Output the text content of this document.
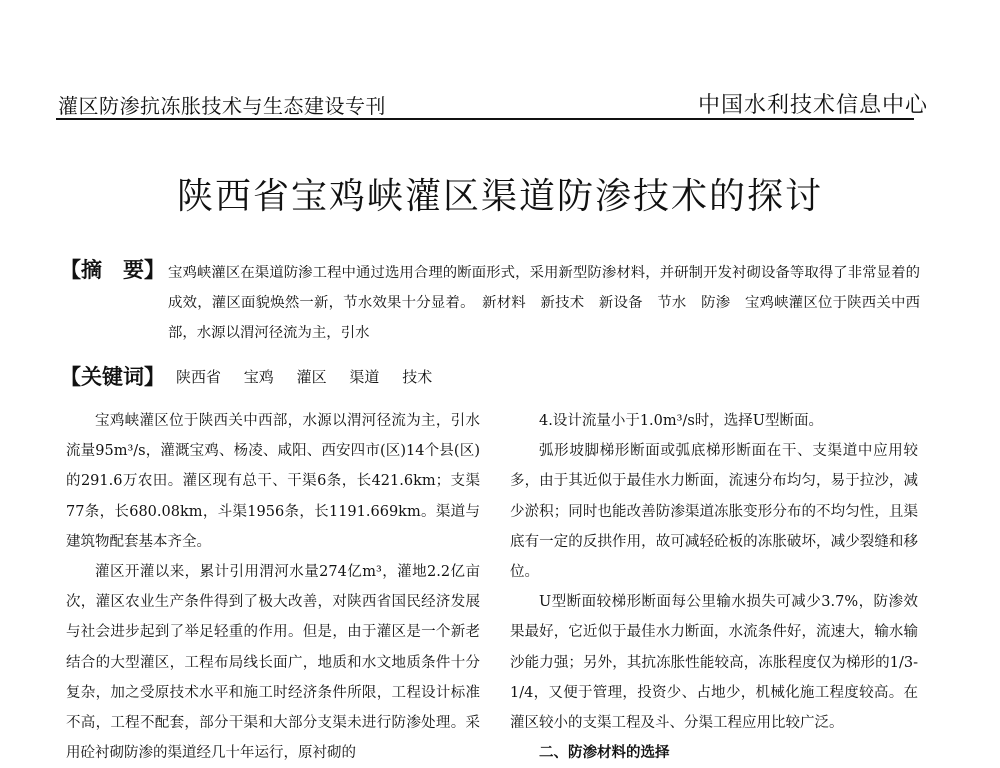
灌区防渗抗冻胀技术与生态建设专刊	中国水利技术信息中心
陕西省宝鸡峡灌区渠道防渗技术的探讨
【摘　要】 宝鸡峡灌区在渠道防渗工程中通过选用合理的断面形式，采用新型防渗材料，并研制开发衬砌设备等取得了非常显着的成效，灌区面貌焕然一新，节水效果十分显着。　新材料　新技术　新设备　节水　防渗　宝鸡峡灌区位于陕西关中西部，水源以渭河径流为主，引水
【关键词】 陕西省 宝鸡 灌区 渠道 技术

宝鸡峡灌区位于陕西关中西部，水源以渭河径流为主，引水流量95m³/s，灌溉宝鸡、杨凌、咸阳、西安四市(区)14个县(区)的291.6万农田。灌区现有总干、干渠6条，长421.6km；支渠77条，长680.08km，斗渠1956条，长1191.669km。渠道与建筑物配套基本齐全。

灌区开灌以来，累计引用渭河水量274亿m³，灌地2.2亿亩次，灌区农业生产条件得到了极大改善，对陕西省国民经济发展与社会进步起到了举足轻重的作用。但是，由于灌区是一个新老结合的大型灌区，工程布局线长面广，地质和水文地质条件十分复杂，加之受原技术水平和施工时经济条件所限，工程设计标准不高，工程不配套，部分干渠和大部分支渠未进行防渗处理。采用砼衬砌防渗的渠道经几十年运行，原衬砌的

4.设计流量小于1.0m³/s时，选择U型断面。

弧形坡脚梯形断面或弧底梯形断面在干、支渠道中应用较多，由于其近似于最佳水力断面，流速分布均匀，易于拉沙，减少淤积；同时也能改善防渗渠道冻胀变形分布的不均匀性，且渠底有一定的反拱作用，故可减轻砼板的冻胀破坏，减少裂缝和移位。

U型断面较梯形断面每公里输水损失可减少3.7%，防渗效果最好，它近似于最佳水力断面，水流条件好，流速大，输水输沙能力强；另外，其抗冻胀性能较高，冻胀程度仅为梯形的1/3-1/4，又便于管理，投资少、占地少，机械化施工程度较高。在灌区较小的支渠工程及斗、分渠工程应用比较广泛。

二、防渗材料的选择
